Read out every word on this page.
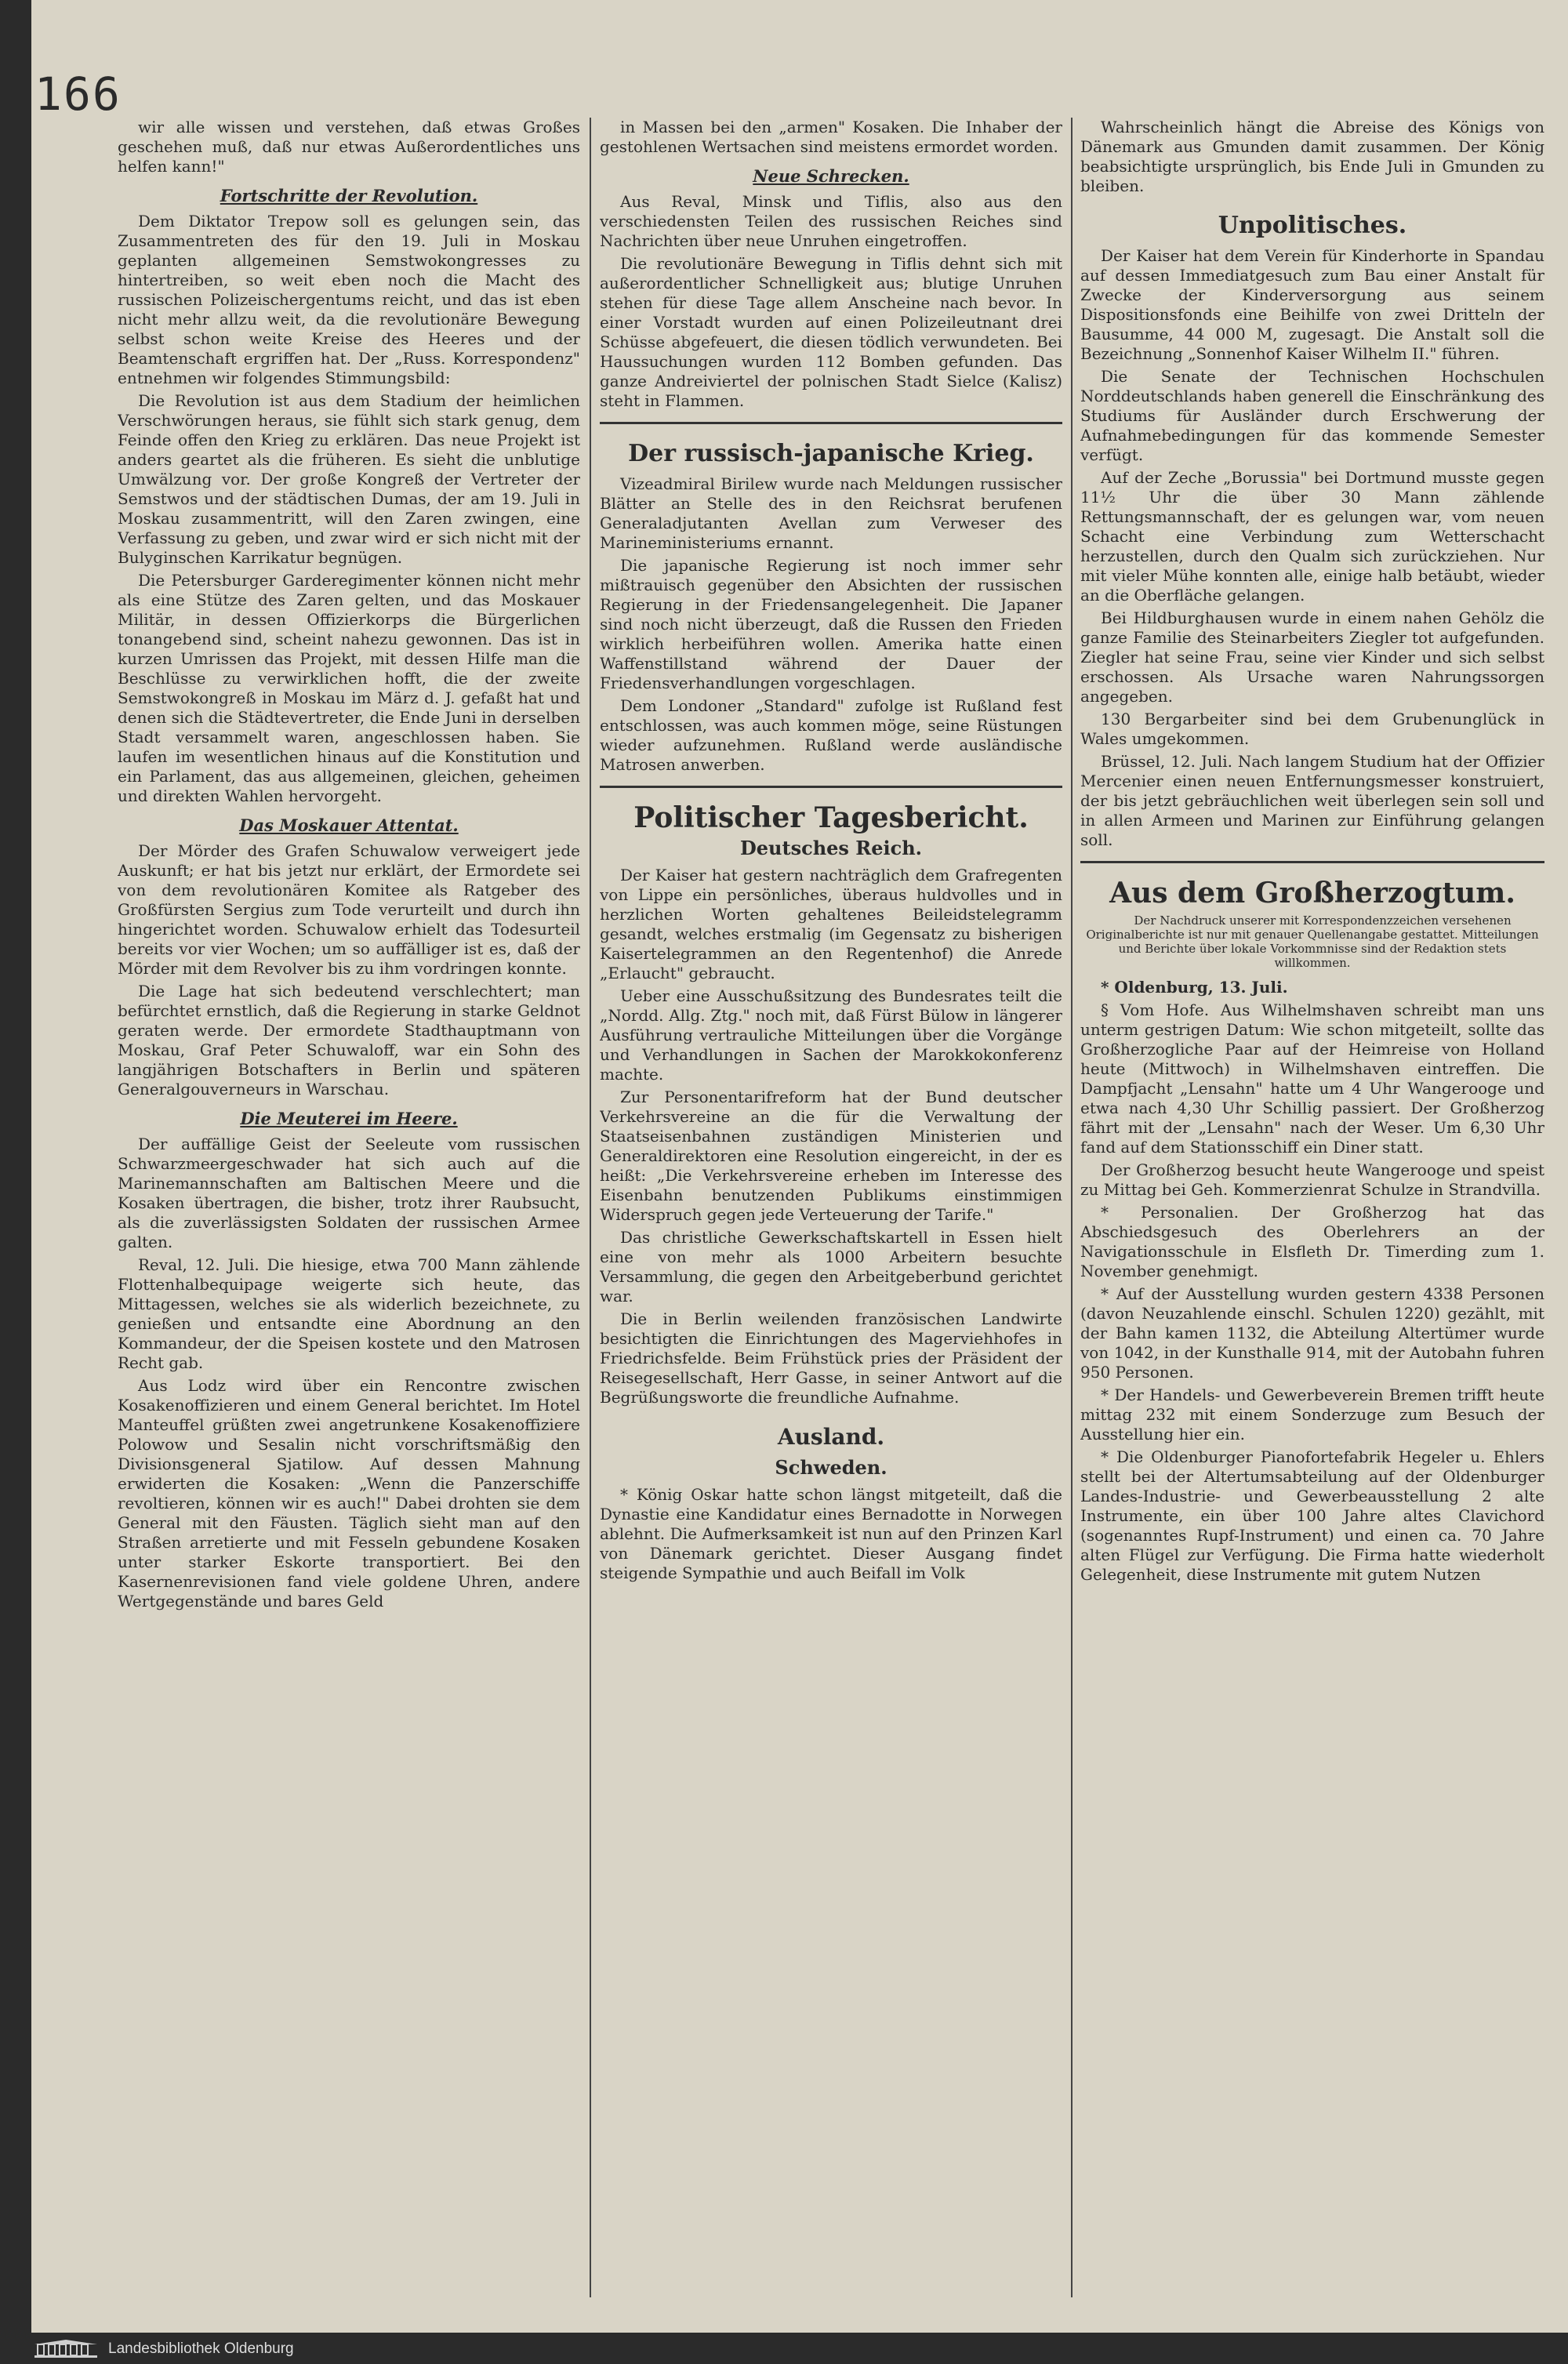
166

wir alle wissen und verstehen, daß etwas Großes geschehen muß, daß nur etwas Außerordentliches uns helfen kann!"

Fortschritte der Revolution.

Dem Diktator Trepow soll es gelungen sein, das Zusammentreten des für den 19. Juli in Moskau geplanten allgemeinen Semstwokongresses zu hintertreiben, so weit eben noch die Macht des russischen Polizeischergentums reicht, und das ist eben nicht mehr allzu weit, da die revolutionäre Bewegung selbst schon weite Kreise des Heeres und der Beamtenschaft ergriffen hat. Der „Russ. Korrespondenz" entnehmen wir folgendes Stimmungsbild:

Die Revolution ist aus dem Stadium der heimlichen Verschwörungen heraus, sie fühlt sich stark genug, dem Feinde offen den Krieg zu erklären. Das neue Projekt ist anders geartet als die früheren. Es sieht die unblutige Umwälzung vor. Der große Kongreß der Vertreter der Semstwos und der städtischen Dumas, der am 19. Juli in Moskau zusammentritt, will den Zaren zwingen, eine Verfassung zu geben, und zwar wird er sich nicht mit der Bulyginschen Karrikatur begnügen.

Die Petersburger Garderegimenter können nicht mehr als eine Stütze des Zaren gelten, und das Moskauer Militär, in dessen Offizierkorps die Bürgerlichen tonangebend sind, scheint nahezu gewonnen. Das ist in kurzen Umrissen das Projekt, mit dessen Hilfe man die Beschlüsse zu verwirklichen hofft, die der zweite Semstwokongreß in Moskau im März d. J. gefaßt hat und denen sich die Städtevertreter, die Ende Juni in derselben Stadt versammelt waren, angeschlossen haben. Sie laufen im wesentlichen hinaus auf die Konstitution und ein Parlament, das aus allgemeinen, gleichen, geheimen und direkten Wahlen hervorgeht.

Das Moskauer Attentat.

Der Mörder des Grafen Schuwalow verweigert jede Auskunft; er hat bis jetzt nur erklärt, der Ermordete sei von dem revolutionären Komitee als Ratgeber des Großfürsten Sergius zum Tode verurteilt und durch ihn hingerichtet worden. Schuwalow erhielt das Todesurteil bereits vor vier Wochen; um so auffälliger ist es, daß der Mörder mit dem Revolver bis zu ihm vordringen konnte.

Die Lage hat sich bedeutend verschlechtert; man befürchtet ernstlich, daß die Regierung in starke Geldnot geraten werde. Der ermordete Stadthauptmann von Moskau, Graf Peter Schuwaloff, war ein Sohn des langjährigen Botschafters in Berlin und späteren Generalgouverneurs in Warschau.

Die Meuterei im Heere.

Der auffällige Geist der Seeleute vom russischen Schwarzmeergeschwader hat sich auch auf die Marinemannschaften am Baltischen Meere und die Kosaken übertragen, die bisher, trotz ihrer Raubsucht, als die zuverlässigsten Soldaten der russischen Armee galten.

Reval, 12. Juli. Die hiesige, etwa 700 Mann zählende Flottenhalbequipage weigerte sich heute, das Mittagessen, welches sie als widerlich bezeichnete, zu genießen und entsandte eine Abordnung an den Kommandeur, der die Speisen kostete und den Matrosen Recht gab.

Aus Lodz wird über ein Rencontre zwischen Kosakenoffizieren und einem General berichtet. Im Hotel Manteuffel grüßten zwei angetrunkene Kosakenoffiziere Polowow und Sesalin nicht vorschriftsmäßig den Divisionsgeneral Sjatilow. Auf dessen Mahnung erwiderten die Kosaken: „Wenn die Panzerschiffe revoltieren, können wir es auch!" Dabei drohten sie dem General mit den Fäusten. Täglich sieht man auf den Straßen arretierte und mit Fesseln gebundene Kosaken unter starker Eskorte transportiert. Bei den Kasernenrevisionen fand viele goldene Uhren, andere Wertgegenstände und bares Geld

in Massen bei den „armen" Kosaken. Die Inhaber der gestohlenen Wertsachen sind meistens ermordet worden.

Neue Schrecken.

Aus Reval, Minsk und Tiflis, also aus den verschiedensten Teilen des russischen Reiches sind Nachrichten über neue Unruhen eingetroffen.

Die revolutionäre Bewegung in Tiflis dehnt sich mit außerordentlicher Schnelligkeit aus; blutige Unruhen stehen für diese Tage allem Anscheine nach bevor. In einer Vorstadt wurden auf einen Polizeileutnant drei Schüsse abgefeuert, die diesen tödlich verwundeten. Bei Haussuchungen wurden 112 Bomben gefunden. Das ganze Andreiviertel der polnischen Stadt Sielce (Kalisz) steht in Flammen.

Der russisch-japanische Krieg.

Vizeadmiral Birilew wurde nach Meldungen russischer Blätter an Stelle des in den Reichsrat berufenen Generaladjutanten Avellan zum Verweser des Marineministeriums ernannt.

Die japanische Regierung ist noch immer sehr mißtrauisch gegenüber den Absichten der russischen Regierung in der Friedensangelegenheit. Die Japaner sind noch nicht überzeugt, daß die Russen den Frieden wirklich herbeiführen wollen. Amerika hatte einen Waffenstillstand während der Dauer der Friedensverhandlungen vorgeschlagen.

Dem Londoner „Standard" zufolge ist Rußland fest entschlossen, was auch kommen möge, seine Rüstungen wieder aufzunehmen. Rußland werde ausländische Matrosen anwerben.

Politischer Tagesbericht.
Deutsches Reich.

Der Kaiser hat gestern nachträglich dem Grafregenten von Lippe ein persönliches, überaus huldvolles und in herzlichen Worten gehaltenes Beileidstelegramm gesandt, welches erstmalig (im Gegensatz zu bisherigen Kaisertelegrammen an den Regentenhof) die Anrede „Erlaucht" gebraucht.

Ueber eine Ausschußsitzung des Bundesrates teilt die „Nordd. Allg. Ztg." noch mit, daß Fürst Bülow in längerer Ausführung vertrauliche Mitteilungen über die Vorgänge und Verhandlungen in Sachen der Marokkokonferenz machte.

Zur Personentarifreform hat der Bund deutscher Verkehrsvereine an die für die Verwaltung der Staatseisenbahnen zuständigen Ministerien und Generaldirektoren eine Resolution eingereicht, in der es heißt: „Die Verkehrsvereine erheben im Interesse des Eisenbahn benutzenden Publikums einstimmigen Widerspruch gegen jede Verteuerung der Tarife."

Das christliche Gewerkschaftskartell in Essen hielt eine von mehr als 1000 Arbeitern besuchte Versammlung, die gegen den Arbeitgeberbund gerichtet war.

Die in Berlin weilenden französischen Landwirte besichtigten die Einrichtungen des Magerviehhofes in Friedrichsfelde. Beim Frühstück pries der Präsident der Reisegesellschaft, Herr Gasse, in seiner Antwort auf die Begrüßungsworte die freundliche Aufnahme.

Ausland.
Schweden.

* König Oskar hatte schon längst mitgeteilt, daß die Dynastie eine Kandidatur eines Bernadotte in Norwegen ablehnt. Die Aufmerksamkeit ist nun auf den Prinzen Karl von Dänemark gerichtet. Dieser Ausgang findet steigende Sympathie und auch Beifall im Volk

Wahrscheinlich hängt die Abreise des Königs von Dänemark aus Gmunden damit zusammen. Der König beabsichtigte ursprünglich, bis Ende Juli in Gmunden zu bleiben.

Unpolitisches.

Der Kaiser hat dem Verein für Kinderhorte in Spandau auf dessen Immediatgesuch zum Bau einer Anstalt für Zwecke der Kinderversorgung aus seinem Dispositionsfonds eine Beihilfe von zwei Dritteln der Bausumme, 44 000 M, zugesagt. Die Anstalt soll die Bezeichnung „Sonnenhof Kaiser Wilhelm II." führen.

Die Senate der Technischen Hochschulen Norddeutschlands haben generell die Einschränkung des Studiums für Ausländer durch Erschwerung der Aufnahmebedingungen für das kommende Semester verfügt.

Auf der Zeche „Borussia" bei Dortmund musste gegen 11½ Uhr die über 30 Mann zählende Rettungsmannschaft, der es gelungen war, vom neuen Schacht eine Verbindung zum Wetterschacht herzustellen, durch den Qualm sich zurückziehen. Nur mit vieler Mühe konnten alle, einige halb betäubt, wieder an die Oberfläche gelangen.

Bei Hildburghausen wurde in einem nahen Gehölz die ganze Familie des Steinarbeiters Ziegler tot aufgefunden. Ziegler hat seine Frau, seine vier Kinder und sich selbst erschossen. Als Ursache waren Nahrungssorgen angegeben.

130 Bergarbeiter sind bei dem Grubenunglück in Wales umgekommen.

Brüssel, 12. Juli. Nach langem Studium hat der Offizier Mercenier einen neuen Entfernungsmesser konstruiert, der bis jetzt gebräuchlichen weit überlegen sein soll und in allen Armeen und Marinen zur Einführung gelangen soll.

Aus dem Großherzogtum.

Der Nachdruck unserer mit Korrespondenzzeichen versehenen Originalberichte ist nur mit genauer Quellenangabe gestattet. Mitteilungen und Berichte über lokale Vorkommnisse sind der Redaktion stets willkommen.

* Oldenburg, 13. Juli.

§ Vom Hofe. Aus Wilhelmshaven schreibt man uns unterm gestrigen Datum: Wie schon mitgeteilt, sollte das Großherzogliche Paar auf der Heimreise von Holland heute (Mittwoch) in Wilhelmshaven eintreffen. Die Dampfjacht „Lensahn" hatte um 4 Uhr Wangerooge und etwa nach 4,30 Uhr Schillig passiert. Der Großherzog fährt mit der „Lensahn" nach der Weser. Um 6,30 Uhr fand auf dem Stationsschiff ein Diner statt.

Der Großherzog besucht heute Wangerooge und speist zu Mittag bei Geh. Kommerzienrat Schulze in Strandvilla.

* Personalien. Der Großherzog hat das Abschiedsgesuch des Oberlehrers an der Navigationsschule in Elsfleth Dr. Timerding zum 1. November genehmigt.

* Auf der Ausstellung wurden gestern 4338 Personen (davon Neuzahlende einschl. Schulen 1220) gezählt, mit der Bahn kamen 1132, die Abteilung Altertümer wurde von 1042, in der Kunsthalle 914, mit der Autobahn fuhren 950 Personen.

* Der Handels- und Gewerbeverein Bremen trifft heute mittag 232 mit einem Sonderzuge zum Besuch der Ausstellung hier ein.

* Die Oldenburger Pianofortefabrik Hegeler u. Ehlers stellt bei der Altertumsabteilung auf der Oldenburger Landes-Industrie- und Gewerbeausstellung 2 alte Instrumente, ein über 100 Jahre altes Clavichord (sogenanntes Rupf-Instrument) und einen ca. 70 Jahre alten Flügel zur Verfügung. Die Firma hatte wiederholt Gelegenheit, diese Instrumente mit gutem Nutzen

Landesbibliothek Oldenburg
